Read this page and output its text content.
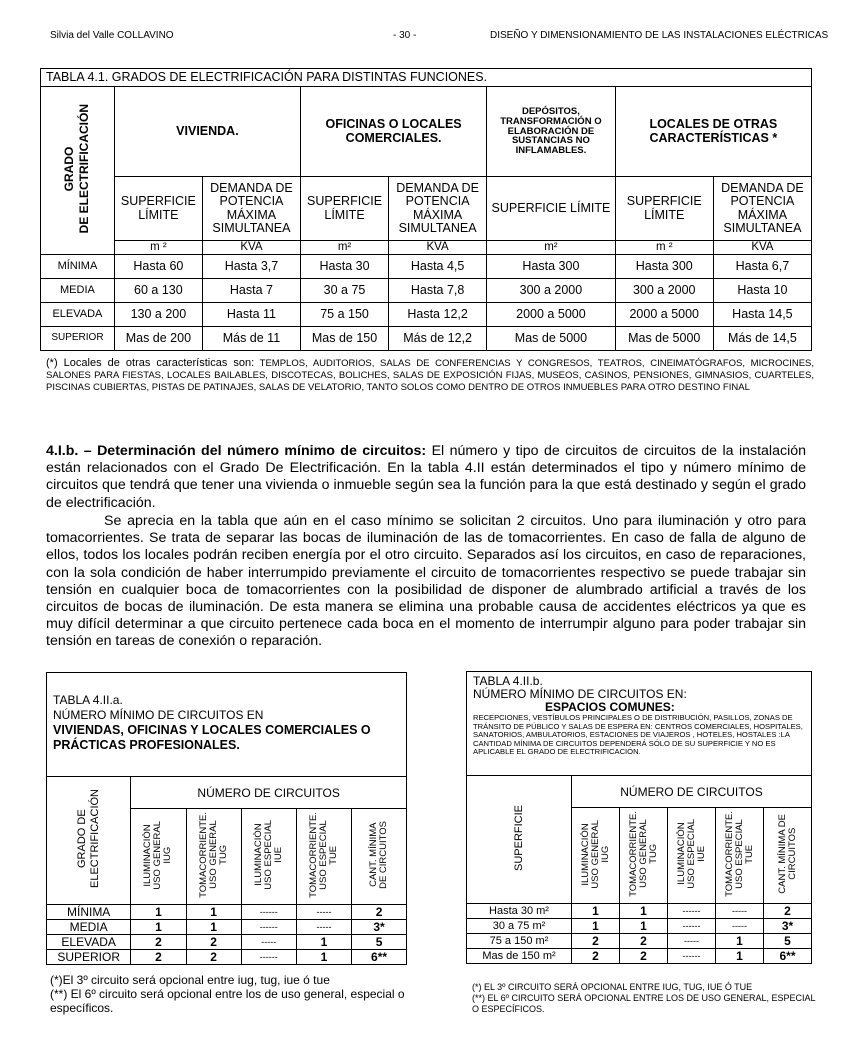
Silvia del Valle COLLAVINO	- 30 -	DISEÑO Y DIMENSIONAMIENTO DE LAS INSTALACIONES ELÉCTRICAS
TABLA 4.1. GRADOS DE ELECTRIFICACIÓN PARA DISTINTAS FUNCIONES.							
GRADO
DE ELECTRIFICACIÓN	VIVIENDA.		OFICINAS O LOCALES COMERCIALES.		DEPÓSITOS, TRANSFORMACIÓN O ELABORACIÓN DE SUSTANCIAS NO INFLAMABLES.	LOCALES DE OTRAS CARACTERÍSTICAS *	
	SUPERFICIE LÍMITE	DEMANDA DE POTENCIA MÁXIMA SIMULTANEA	SUPERFICIE LÍMITE	DEMANDA DE POTENCIA MÁXIMA SIMULTANEA	SUPERFICIE LÍMITE	SUPERFICIE LÍMITE	DEMANDA DE POTENCIA MÁXIMA SIMULTANEA
	m ²	KVA	m²	KVA	m²	m ²	KVA
MÍNIMA	Hasta 60	Hasta 3,7	Hasta 30	Hasta 4,5	Hasta 300	Hasta 300	Hasta 6,7
MEDIA	60 a 130	Hasta 7	30 a 75	Hasta 7,8	300 a 2000	300 a 2000	Hasta 10
ELEVADA	130 a 200	Hasta 11	75 a 150	Hasta 12,2	2000 a 5000	2000 a 5000	Hasta 14,5
SUPERIOR	Mas de 200	Más de 11	Mas de 150	Más de 12,2	Mas de 5000	Mas de 5000	Más de 14,5
(*) Locales de otras características son: TEMPLOS, AUDITORIOS, SALAS DE CONFERENCIAS Y CONGRESOS, TEATROS, CINEIMATÓGRAFOS, MICROCINES, SALONES PARA FIESTAS, LOCALES BAILABLES, DISCOTECAS, BOLICHES, SALAS DE EXPOSICIÓN FIJAS, MUSEOS, CASINOS, PENSIONES, GIMNASIOS, CUARTELES, PISCINAS CUBIERTAS, PISTAS DE PATINAJES, SALAS DE VELATORIO, TANTO SOLOS COMO DENTRO DE OTROS INMUEBLES PARA OTRO DESTINO FINAL
4.I.b. – Determinación del número mínimo de circuitos: El número y tipo de circuitos de circuitos de la instalación están relacionados con el Grado De Electrificación. En la tabla 4.II están determinados el tipo y número mínimo de circuitos que tendrá que tener una vivienda o inmueble según sea la función para la que está destinado y según el grado de electrificación.
Se aprecia en la tabla que aún en el caso mínimo se solicitan 2 circuitos. Uno para iluminación y otro para tomacorrientes. Se trata de separar las bocas de iluminación de las de tomacorrientes. En caso de falla de alguno de ellos, todos los locales podrán reciben energía por el otro circuito. Separados así los circuitos, en caso de reparaciones, con la sola condición de haber interrumpido previamente el circuito de tomacorrientes respectivo se puede trabajar sin tensión en cualquier boca de tomacorrientes con la posibilidad de disponer de alumbrado artificial a través de los circuitos de bocas de iluminación. De esta manera se elimina una probable causa de accidentes eléctricos ya que es muy difícil determinar a que circuito pertenece cada boca en el momento de interrumpir alguno para poder trabajar sin tensión en tareas de conexión o reparación.
TABLA 4.II.a.
NÚMERO MÍNIMO DE CIRCUITOS EN
VIVIENDAS, OFICINAS Y LOCALES COMERCIALES O PRÁCTICAS PROFESIONALES.					

GRADO DE
ELECTRIFICACIÓN	NÚMERO DE CIRCUITOS				
	ILUMINACIÓN
USO GENERAL
IUG	TOMACORRIENTE.
USO GENERAL
TUG	ILUMINACIÓN
USO ESPECIAL
IUE	TOMACORRIENTE.
USO ESPECIAL
TUE	CANT. MÍNIMA
DE CIRCUITOS
MÍNIMA	1	1	------	-----	2
MEDIA	1	1	------	-----	3*
ELEVADA	2	2	-----	1	5
SUPERIOR	2	2	------	1	6**
(*)El 3º circuito será opcional entre iug, tug, iue ó tue
(**) El 6º circuito será opcional entre los de uso general, especial o específicos.
TABLA 4.II.b.
NÚMERO MÍNIMO DE CIRCUITOS EN:
ESPACIOS COMUNES:
RECEPCIONES, VESTÍBULOS PRINCIPALES O DE DISTRIBUCIÓN, PASILLOS, ZONAS DE TRÁNSITO DE PÚBLICO Y SALAS DE ESPERA EN: CENTROS COMERCIALES, HOSPITALES, SANATORIOS, AMBULATORIOS, ESTACIONES DE VIAJEROS , HOTELES, HOSTALES :LA CANTIDAD MÍNIMA DE CIRCUITOS DEPENDERÁ SÓLO DE SU SUPERFICIE Y NO ES APLICABLE EL GRADO DE ELECTRIFICACIÓN.					

SUPERFICIE	NÚMERO DE CIRCUITOS				
	ILUMINACIÓN
USO GENERAL
IUG	TOMACORRIENTE.
USO GENERAL
TUG	ILUMINACIÓN
USO ESPECIAL
IUE	TOMACORRIENTE.
USO ESPECIAL
TUE	CANT. MÍNIMA DE
CIRCUITOS
Hasta 30 m²	1	1	------	-----	2
30 a 75 m²	1	1	------	-----	3*
75 a 150 m²	2	2	-----	1	5
Mas de 150 m²	2	2	------	1	6**
(*) EL 3º CIRCUITO SERÁ OPCIONAL ENTRE IUG, TUG, IUE Ó TUE
(**) EL 6º CIRCUITO SERÁ OPCIONAL ENTRE LOS DE USO GENERAL, ESPECIAL O ESPECÍFICOS.
